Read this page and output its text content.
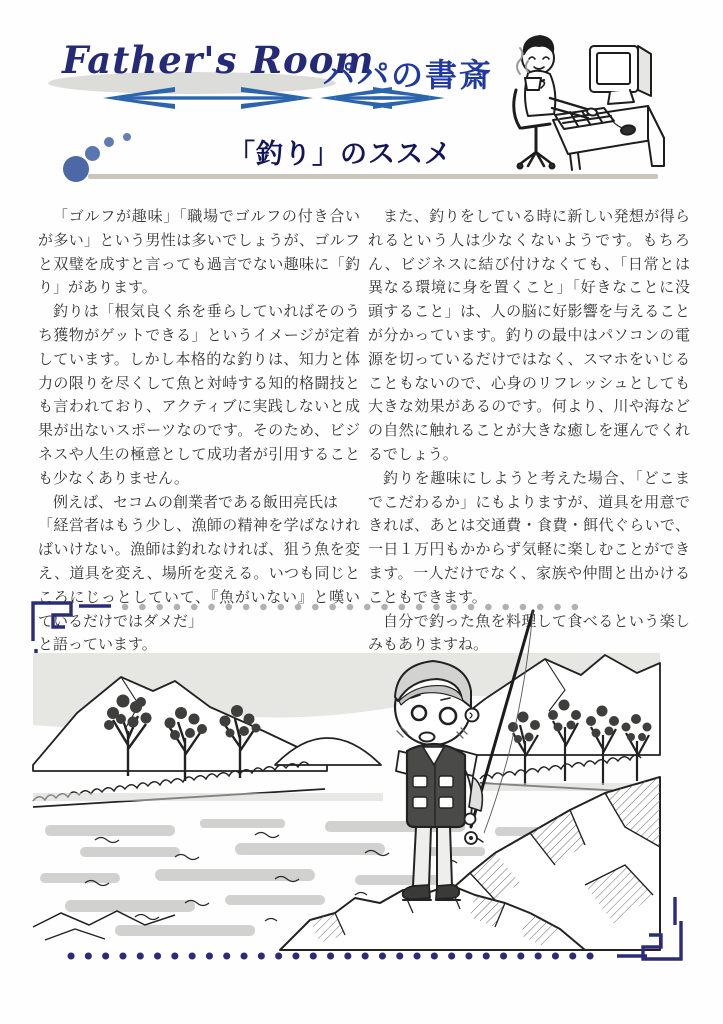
Father's Room
パパの書斎
「釣り」のススメ

「ゴルフが趣味」「職場でゴルフの付き合いが多い」という男性は多いでしょうが、ゴルフと双璧を成すと言っても過言でない趣味に「釣り」があります。

釣りは「根気良く糸を垂らしていればそのうち獲物がゲットできる」というイメージが定着しています。しかし本格的な釣りは、知力と体力の限りを尽くして魚と対峙する知的格闘技とも言われており、アクティブに実践しないと成果が出ないスポーツなのです。そのため、ビジネスや人生の極意として成功者が引用することも少なくありません。

例えば、セコムの創業者である飯田亮氏は

「経営者はもう少し、漁師の精神を学ばなければいけない。漁師は釣れなければ、狙う魚を変え、道具を変え、場所を変える。いつも同じところにじっとしていて、『魚がいない』と嘆いているだけではダメだ」

と語っています。

また、釣りをしている時に新しい発想が得られるという人は少なくないようです。もちろん、ビジネスに結び付けなくても、「日常とは異なる環境に身を置くこと」「好きなことに没頭すること」は、人の脳に好影響を与えることが分かっています。釣りの最中はパソコンの電源を切っているだけではなく、スマホをいじることもないので、心身のリフレッシュとしても大きな効果があるのです。何より、川や海などの自然に触れることが大きな癒しを運んでくれるでしょう。

釣りを趣味にしようと考えた場合、「どこまでこだわるか」にもよりますが、道具を用意できれば、あとは交通費・食費・餌代ぐらいで、一日１万円もかからず気軽に楽しむことができます。一人だけでなく、家族や仲間と出かけることもできます。

自分で釣った魚を料理して食べるという楽しみもありますね。
